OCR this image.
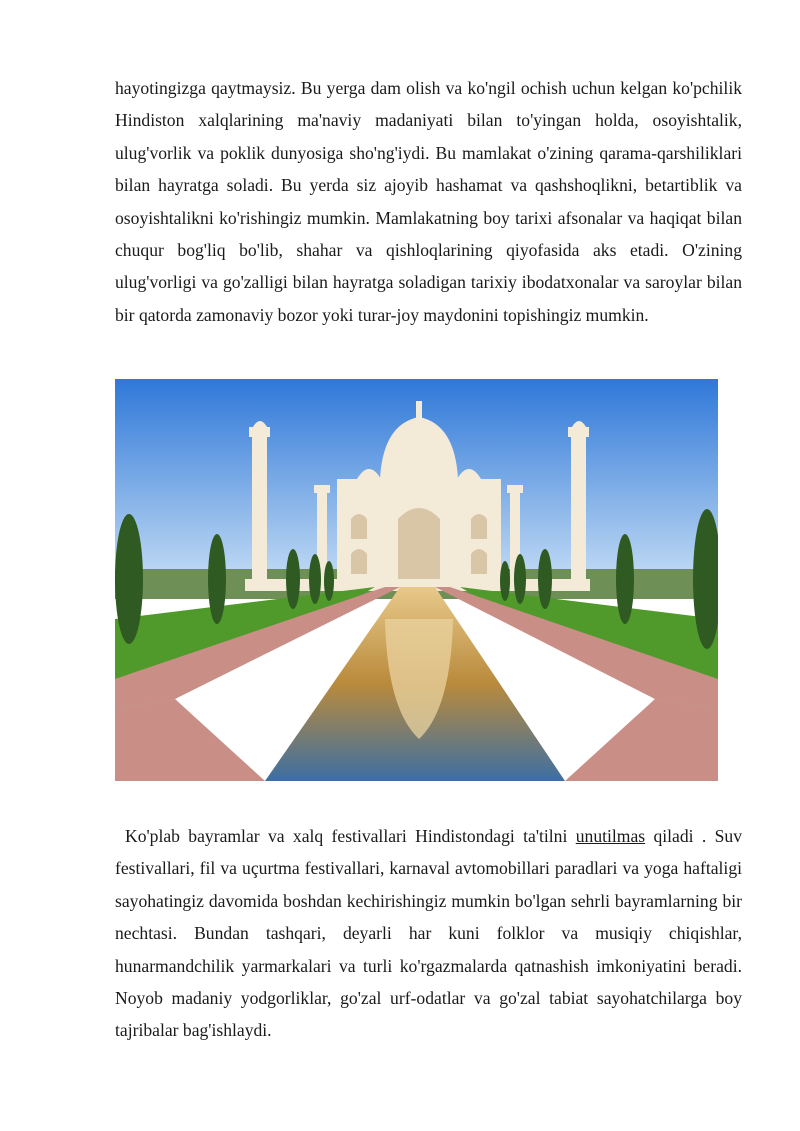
hayotingizga qaytmaysiz. Bu yerga dam olish va ko'ngil ochish uchun kelgan ko'pchilik Hindiston xalqlarining ma'naviy madaniyati bilan to'yingan holda, osoyishtalik, ulug'vorlik va poklik dunyosiga sho'ng'iydi. Bu mamlakat o'zining qarama-qarshiliklari bilan hayratga soladi. Bu yerda siz ajoyib hashamat va qashshoqlikni, betartiblik va osoyishtalikni ko'rishingiz mumkin. Mamlakatning boy tarixi afsonalar va haqiqat bilan chuqur bog'liq bo'lib, shahar va qishloqlarining qiyofasida aks etadi. O'zining ulug'vorligi va go'zalligi bilan hayratga soladigan tarixiy ibodatxonalar va saroylar bilan bir qatorda zamonaviy bozor yoki turar-joy maydonini topishingiz mumkin.

Ko'plab bayramlar va xalq festivallari Hindistondagi ta'tilni unutilmas qiladi . Suv festivallari, fil va uçurtma festivallari, karnaval avtomobillari paradlari va yoga haftaligi sayohatingiz davomida boshdan kechirishingiz mumkin bo'lgan sehrli bayramlarning bir nechtasi. Bundan tashqari, deyarli har kuni folklor va musiqiy chiqishlar, hunarmandchilik yarmarkalari va turli ko'rgazmalarda qatnashish imkoniyatini beradi. Noyob madaniy yodgorliklar, go'zal urf-odatlar va go'zal tabiat sayohatchilarga boy tajribalar bag'ishlaydi.
